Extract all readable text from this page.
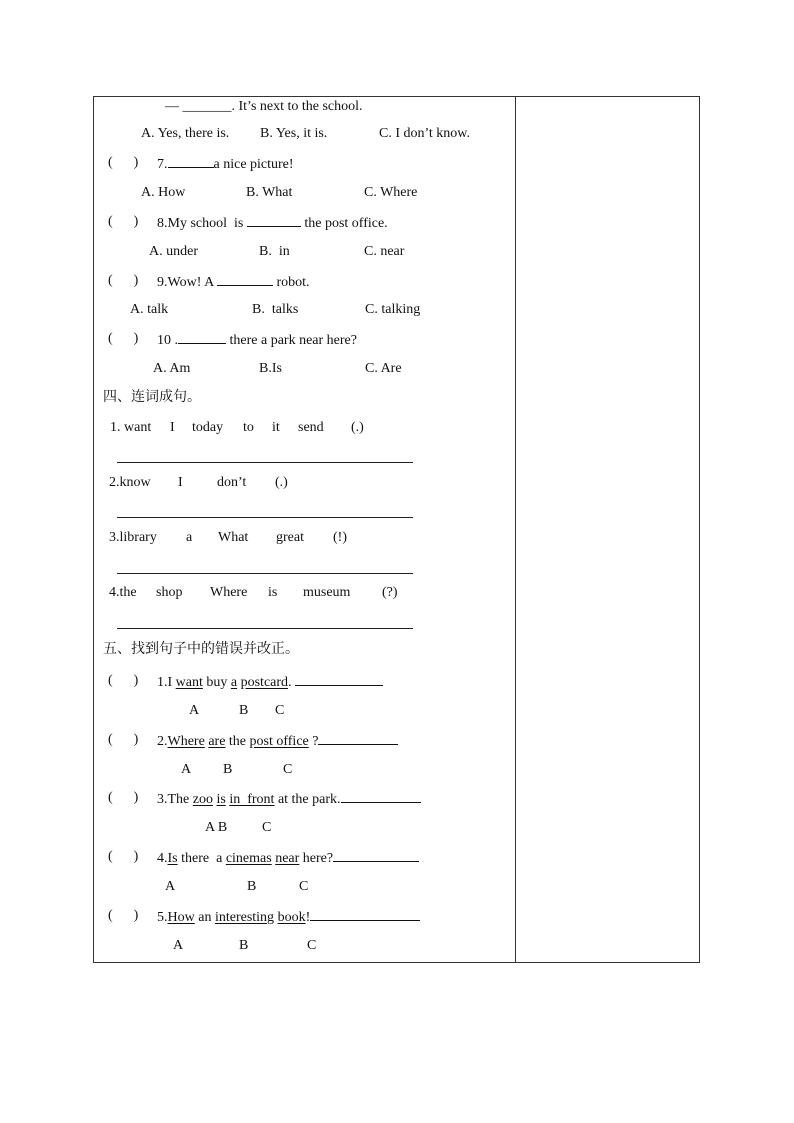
— _______. It’s next to the school.
A. Yes, there is. B. Yes, it is.	C. I don’t know.
(      ) 7.	a nice picture!
A. How	B. What	C. Where
(      ) 8.My school  is	the post office.
A. under	B.  in	C. near
(      ) 9.Wow! A	robot.
A. talk	B.  talks	C. talking
(      ) 10 .	there a park near here?
A. Am	B.Is	C. Are
四、连词成句。
1. want I today to it send (.)
2.know I don’t (.)
3.library a What great (!)
4.the shop Where is museum (?)
五、找到句子中的错误并改正。
(      ) 1.I want buy a postcard.
A	B C
(      ) 2.Where are the post office ?
A B	C
(      ) 3.The zoo is in  front at the park.
A B C
(      ) 4.Is there  a cinemas near here?
A	B	C
(      ) 5.How an interesting book!
A	B	C
